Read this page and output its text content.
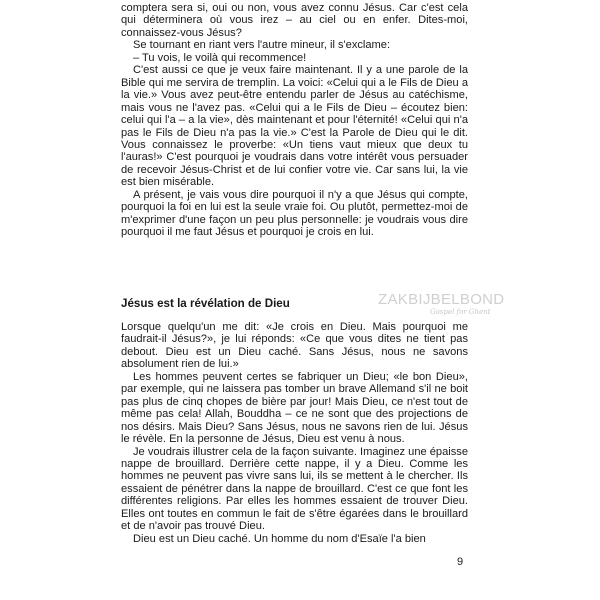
comptera sera si, oui ou non, vous avez connu Jésus. Car c'est cela qui déterminera où vous irez – au ciel ou en enfer. Dites-moi, connaissez-vous Jésus?

Se tournant en riant vers l'autre mineur, il s'exclame:

– Tu vois, le voilà qui recommence!

C'est aussi ce que je veux faire maintenant. Il y a une parole de la Bible qui me servira de tremplin. La voici: «Celui qui a le Fils de Dieu a la vie.» Vous avez peut-être entendu parler de Jésus au catéchisme, mais vous ne l'avez pas. «Celui qui a le Fils de Dieu – écoutez bien: celui qui l'a – a la vie», dès maintenant et pour l'éternité! «Celui qui n'a pas le Fils de Dieu n'a pas la vie.» C'est la Parole de Dieu qui le dit. Vous connaissez le proverbe: «Un tiens vaut mieux que deux tu l'auras!» C'est pourquoi je voudrais dans votre intérêt vous persuader de recevoir Jésus-Christ et de lui confier votre vie. Car sans lui, la vie est bien misérable.

A présent, je vais vous dire pourquoi il n'y a que Jésus qui compte, pourquoi la foi en lui est la seule vraie foi. Ou plutôt, permettez-moi de m'exprimer d'une façon un peu plus personnelle: je voudrais vous dire pourquoi il me faut Jésus et pourquoi je crois en lui.

Jésus est la révélation de Dieu	ZAKBIJBELBOND
Gospel for Ghent

Lorsque quelqu'un me dit: «Je crois en Dieu. Mais pourquoi me faudrait-il Jésus?», je lui réponds: «Ce que vous dites ne tient pas debout. Dieu est un Dieu caché. Sans Jésus, nous ne savons absolument rien de lui.»

Les hommes peuvent certes se fabriquer un Dieu; «le bon Dieu», par exemple, qui ne laissera pas tomber un brave Allemand s'il ne boit pas plus de cinq chopes de bière par jour! Mais Dieu, ce n'est tout de même pas cela! Allah, Bouddha – ce ne sont que des projections de nos désirs. Mais Dieu? Sans Jésus, nous ne savons rien de lui. Jésus le révèle. En la personne de Jésus, Dieu est venu à nous.

Je voudrais illustrer cela de la façon suivante. Imaginez une épaisse nappe de brouillard. Derrière cette nappe, il y a Dieu. Comme les hommes ne peuvent pas vivre sans lui, ils se mettent à le chercher. Ils essaient de pénétrer dans la nappe de brouillard. C'est ce que font les différentes religions. Par elles les hommes essaient de trouver Dieu. Elles ont toutes en commun le fait de s'être égarées dans le brouillard et de n'avoir pas trouvé Dieu.

Dieu est un Dieu caché. Un homme du nom d'Esaïe l'a bien

9
